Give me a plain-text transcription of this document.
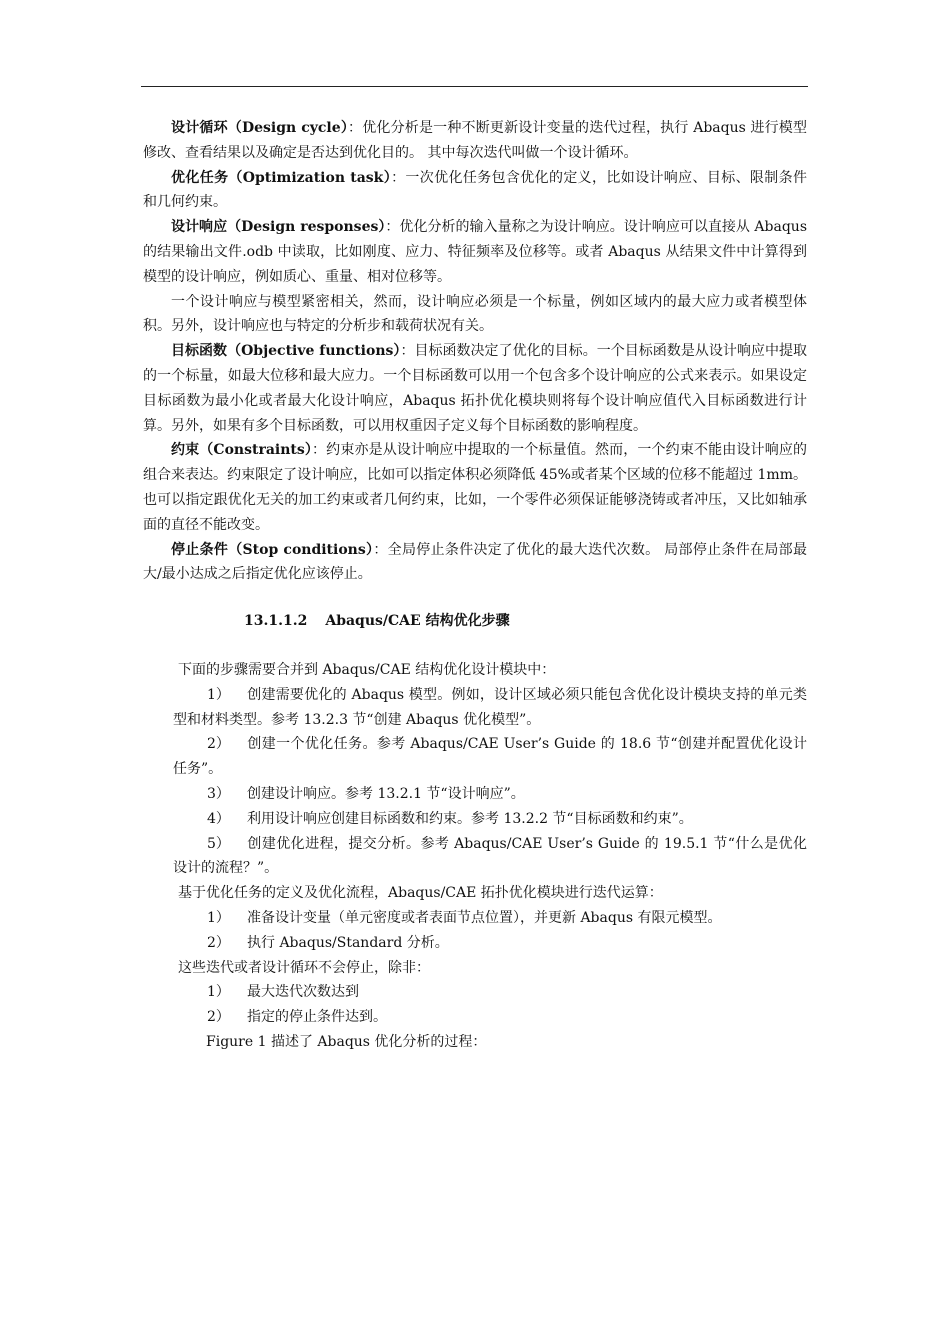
设计循环（Design cycle）：优化分析是一种不断更新设计变量的迭代过程，执行 Abaqus 进行模型修改、查看结果以及确定是否达到优化目的。 其中每次迭代叫做一个设计循环。

优化任务（Optimization task）：一次优化任务包含优化的定义，比如设计响应、目标、限制条件和几何约束。

设计响应（Design responses）：优化分析的输入量称之为设计响应。设计响应可以直接从 Abaqus 的结果输出文件.odb 中读取，比如刚度、应力、特征频率及位移等。或者 Abaqus 从结果文件中计算得到模型的设计响应，例如质心、重量、相对位移等。

一个设计响应与模型紧密相关，然而，设计响应必须是一个标量，例如区域内的最大应力或者模型体积。另外，设计响应也与特定的分析步和载荷状况有关。

目标函数（Objective functions）：目标函数决定了优化的目标。一个目标函数是从设计响应中提取的一个标量，如最大位移和最大应力。一个目标函数可以用一个包含多个设计响应的公式来表示。如果设定目标函数为最小化或者最大化设计响应，Abaqus 拓扑优化模块则将每个设计响应值代入目标函数进行计算。另外，如果有多个目标函数，可以用权重因子定义每个目标函数的影响程度。

约束（Constraints）：约束亦是从设计响应中提取的一个标量值。然而，一个约束不能由设计响应的组合来表达。约束限定了设计响应，比如可以指定体积必须降低 45%或者某个区域的位移不能超过 1mm。也可以指定跟优化无关的加工约束或者几何约束，比如，一个零件必须保证能够浇铸或者冲压，又比如轴承面的直径不能改变。

停止条件（Stop conditions）：全局停止条件决定了优化的最大迭代次数。 局部停止条件在局部最大/最小达成之后指定优化应该停止。

13.1.1.2 Abaqus/CAE 结构优化步骤

下面的步骤需要合并到 Abaqus/CAE 结构优化设计模块中：

1） 创建需要优化的 Abaqus 模型。例如，设计区域必须只能包含优化设计模块支持的单元类型和材料类型。参考 13.2.3 节“创建 Abaqus 优化模型”。

2） 创建一个优化任务。参考 Abaqus/CAE User’s Guide 的 18.6 节“创建并配置优化设计任务”。

3） 创建设计响应。参考 13.2.1 节“设计响应”。

4） 利用设计响应创建目标函数和约束。参考 13.2.2 节“目标函数和约束”。

5） 创建优化进程，提交分析。参考 Abaqus/CAE User’s Guide 的 19.5.1 节“什么是优化设计的流程？”。

基于优化任务的定义及优化流程，Abaqus/CAE 拓扑优化模块进行迭代运算：

1） 准备设计变量（单元密度或者表面节点位置），并更新 Abaqus 有限元模型。

2） 执行 Abaqus/Standard 分析。

这些迭代或者设计循环不会停止，除非：

1） 最大迭代次数达到

2） 指定的停止条件达到。

Figure 1 描述了 Abaqus 优化分析的过程：
